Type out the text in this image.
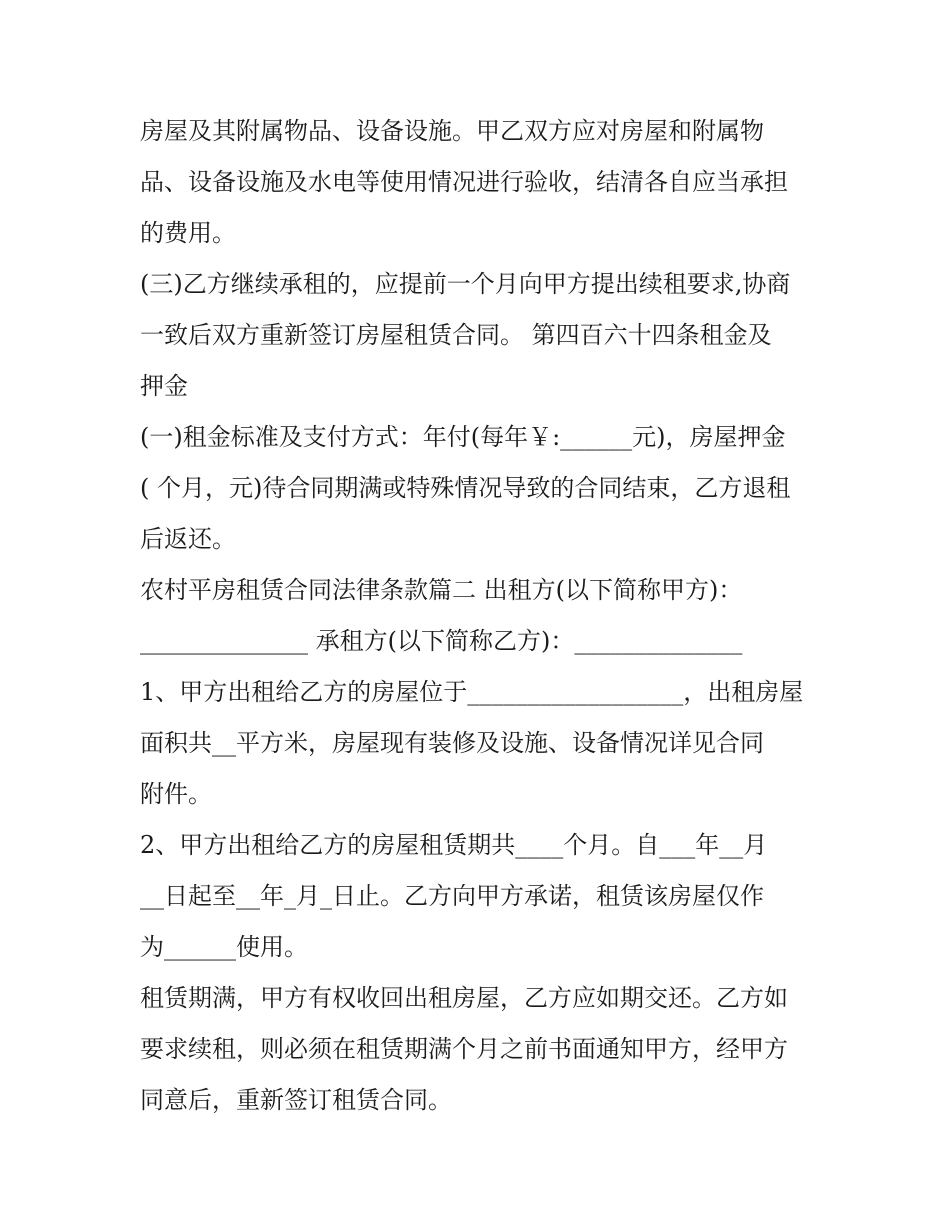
房屋及其附属物品、设备设施。甲乙双方应对房屋和附属物
品、设备设施及水电等使用情况进行验收，结清各自应当承担
的费用。
(三)乙方继续承租的，应提前一个月向甲方提出续租要求,协商
一致后双方重新签订房屋租赁合同。 第四百六十四条租金及
押金
(一)租金标准及支付方式：年付(每年￥:______元)，房屋押金
( 个月，元)待合同期满或特殊情况导致的合同结束，乙方退租
后返还。
农村平房租赁合同法律条款篇二 出租方(以下简称甲方)：
______________ 承租方(以下简称乙方)：______________
1、甲方出租给乙方的房屋位于__________________，出租房屋
面积共__平方米，房屋现有装修及设施、设备情况详见合同
附件。
2、甲方出租给乙方的房屋租赁期共____个月。自___年__月
__日起至__年_月_日止。乙方向甲方承诺，租赁该房屋仅作
为______使用。
租赁期满，甲方有权收回出租房屋，乙方应如期交还。乙方如
要求续租，则必须在租赁期满个月之前书面通知甲方，经甲方
同意后，重新签订租赁合同。
